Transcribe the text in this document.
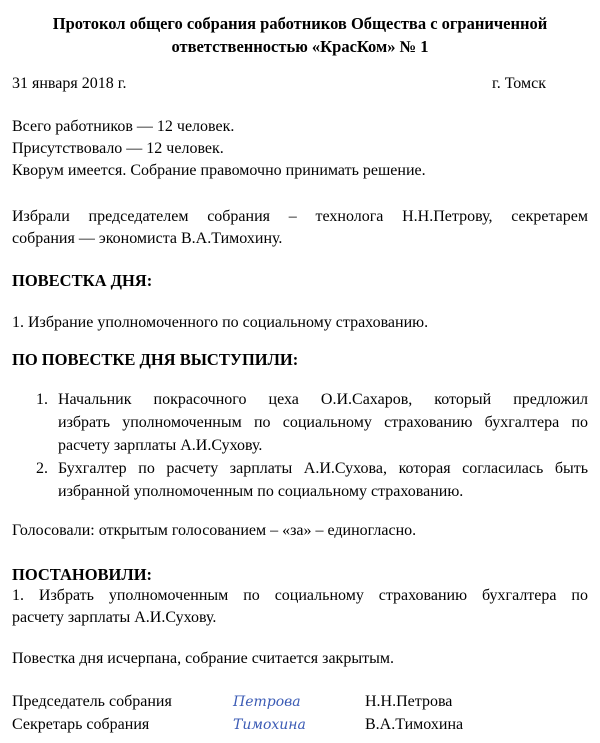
Протокол общего собрания работников Общества с ограниченной
ответственностью «КрасКом» № 1
31 января 2018 г.	г. Томск
Всего работников — 12 человек.
Присутствовало — 12 человек.
Кворум имеется. Собрание правомочно принимать решение.
Избрали председателем собрания – технолога Н.Н.Петрову, секретарем
собрания — экономиста В.А.Тимохину.
ПОВЕСТКА ДНЯ:
1. Избрание уполномоченного по социальному страхованию.
ПО ПОВЕСТКЕ ДНЯ ВЫСТУПИЛИ:
1. Начальник покрасочного цеха О.И.Сахаров, который предложил
избрать уполномоченным по социальному страхованию бухгалтера по
расчету зарплаты А.И.Сухову.
2. Бухгалтер по расчету зарплаты А.И.Сухова, которая согласилась быть
избранной уполномоченным по социальному страхованию.
Голосовали: открытым голосованием – «за» – единогласно.
ПОСТАНОВИЛИ:
1. Избрать уполномоченным по социальному страхованию бухгалтера по
расчету зарплаты А.И.Сухову.
Повестка дня исчерпана, собрание считается закрытым.
Председатель собрания	Петрова	Н.Н.Петрова
Секретарь собрания	Тимохина	В.А.Тимохина
